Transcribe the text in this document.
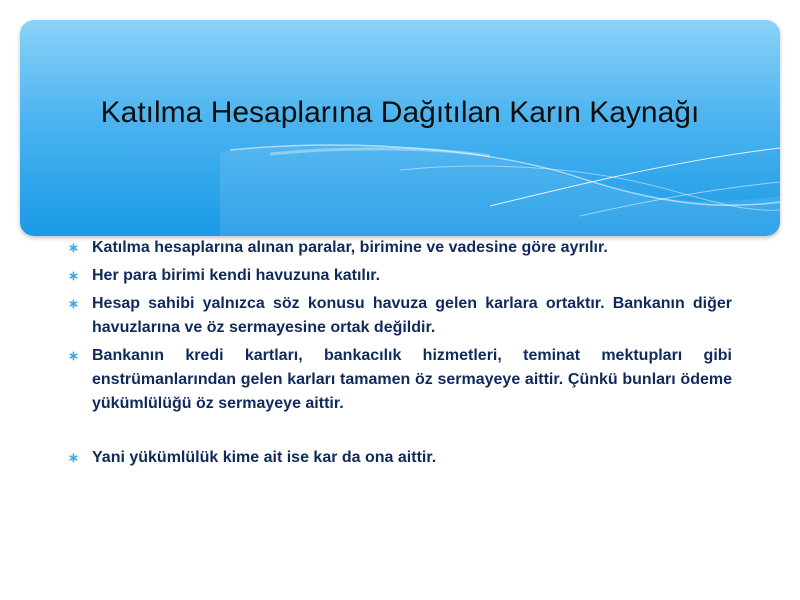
Katılma Hesaplarına Dağıtılan Karın Kaynağı
∗ Katılma hesaplarına alınan paralar, birimine ve vadesine göre ayrılır.
∗ Her para birimi kendi havuzuna katılır.
∗ Hesap sahibi yalnızca söz konusu havuza gelen karlara ortaktır. Bankanın diğer havuzlarına ve öz sermayesine ortak değildir.
∗ Bankanın kredi kartları, bankacılık hizmetleri, teminat mektupları gibi enstrümanlarından gelen karları tamamen öz sermayeye aittir. Çünkü bunları ödeme yükümlülüğü öz sermayeye aittir.
∗ Yani yükümlülük kime ait ise kar da ona aittir.
